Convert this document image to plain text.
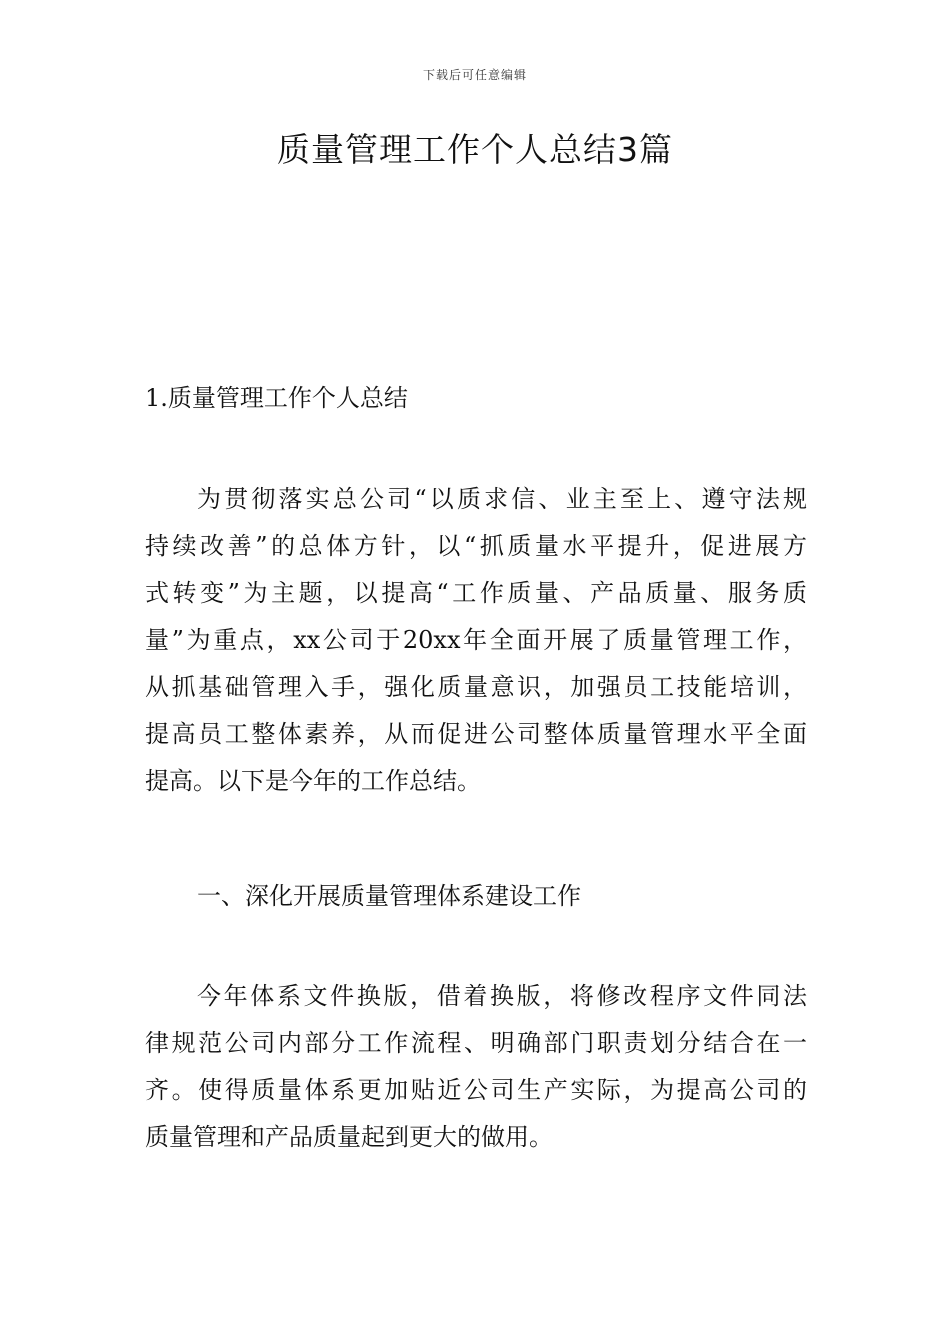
下载后可任意编辑
质量管理工作个人总结3篇
1.质量管理工作个人总结
为贯彻落实总公司“以质求信、业主至上、遵守法规
持续改善”的总体方针，以“抓质量水平提升，促进展方
式转变”为主题，以提高“工作质量、产品质量、服务质
量”为重点，xx公司于20xx年全面开展了质量管理工作，
从抓基础管理入手，强化质量意识，加强员工技能培训，
提高员工整体素养，从而促进公司整体质量管理水平全面
提高。以下是今年的工作总结。
一、深化开展质量管理体系建设工作
今年体系文件换版，借着换版，将修改程序文件同法
律规范公司内部分工作流程、明确部门职责划分结合在一
齐。使得质量体系更加贴近公司生产实际，为提高公司的
质量管理和产品质量起到更大的做用。
